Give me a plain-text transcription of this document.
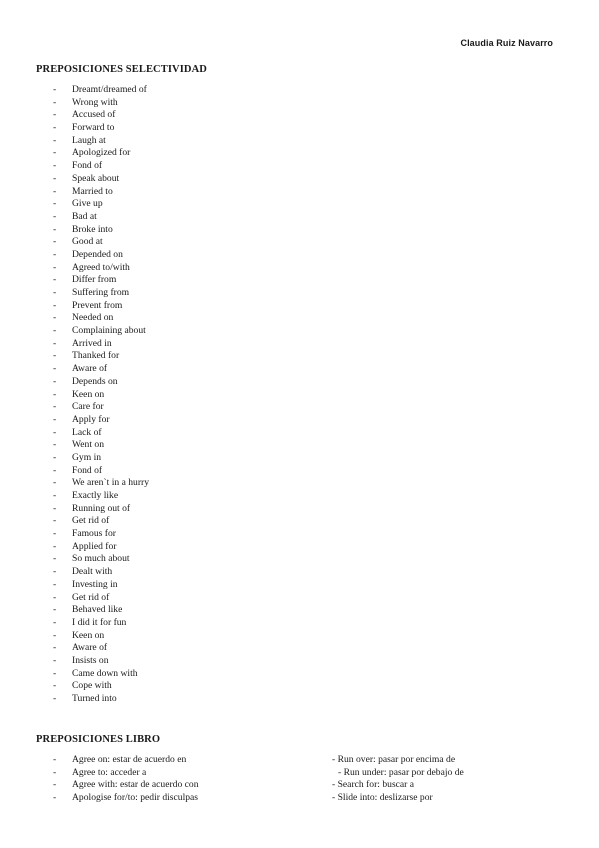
Claudia Ruiz Navarro
PREPOSICIONES SELECTIVIDAD
- Dreamt/dreamed of
- Wrong with
- Accused of
- Forward to
- Laugh at
- Apologized for
- Fond of
- Speak about
- Married to
- Give up
- Bad at
- Broke into
- Good at
- Depended on
- Agreed to/with
- Differ from
- Suffering from
- Prevent from
- Needed on
- Complaining about
- Arrived in
- Thanked for
- Aware of
- Depends on
- Keen on
- Care for
- Apply for
- Lack of
- Went on
- Gym in
- Fond of
- We aren`t in a hurry
- Exactly like
- Running out of
- Get rid of
- Famous for
- Applied for
- So much about
- Dealt with
- Investing in
- Get rid of
- Behaved like
- I did it for fun
- Keen on
- Aware of
- Insists on
- Came down with
- Cope with
- Turned into
PREPOSICIONES LIBRO
- Agree on: estar de acuerdo en	- Run over: pasar por encima de
- Agree to: acceder a	- Run under: pasar por debajo de
- Agree with: estar de acuerdo con	- Search for: buscar a
- Apologise for/to: pedir disculpas	- Slide into: deslizarse por
